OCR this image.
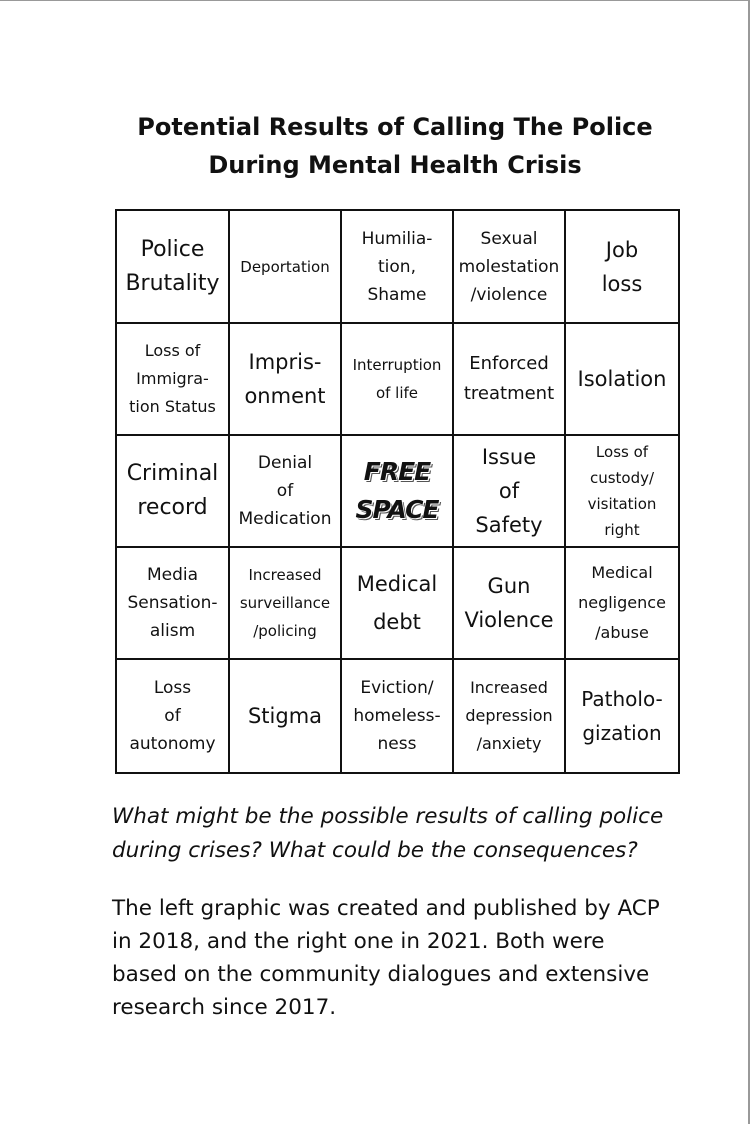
Potential Results of Calling The Police
During Mental Health Crisis
Police
Brutality
Deportation
Humilia-
tion,
Shame
Sexual
molestation
/violence
Job
loss
Loss of
Immigra-
tion Status
Impris-
onment
Interruption
of life
Enforced
treatment
Isolation
Criminal
record
Denial
of
Medication
FREE
SPACE
Issue
of
Safety
Loss of
custody/
visitation
right
Media
Sensation-
alism
Increased
surveillance
/policing
Medical
debt
Gun
Violence
Medical
negligence
/abuse
Loss
of
autonomy
Stigma
Eviction/
homeless-
ness
Increased
depression
/anxiety
Patholo-
gization
What might be the possible results of calling police
during crises? What could be the consequences?
The left graphic was created and published by ACP
in 2018, and the right one in 2021. Both were
based on the community dialogues and extensive
research since 2017.
